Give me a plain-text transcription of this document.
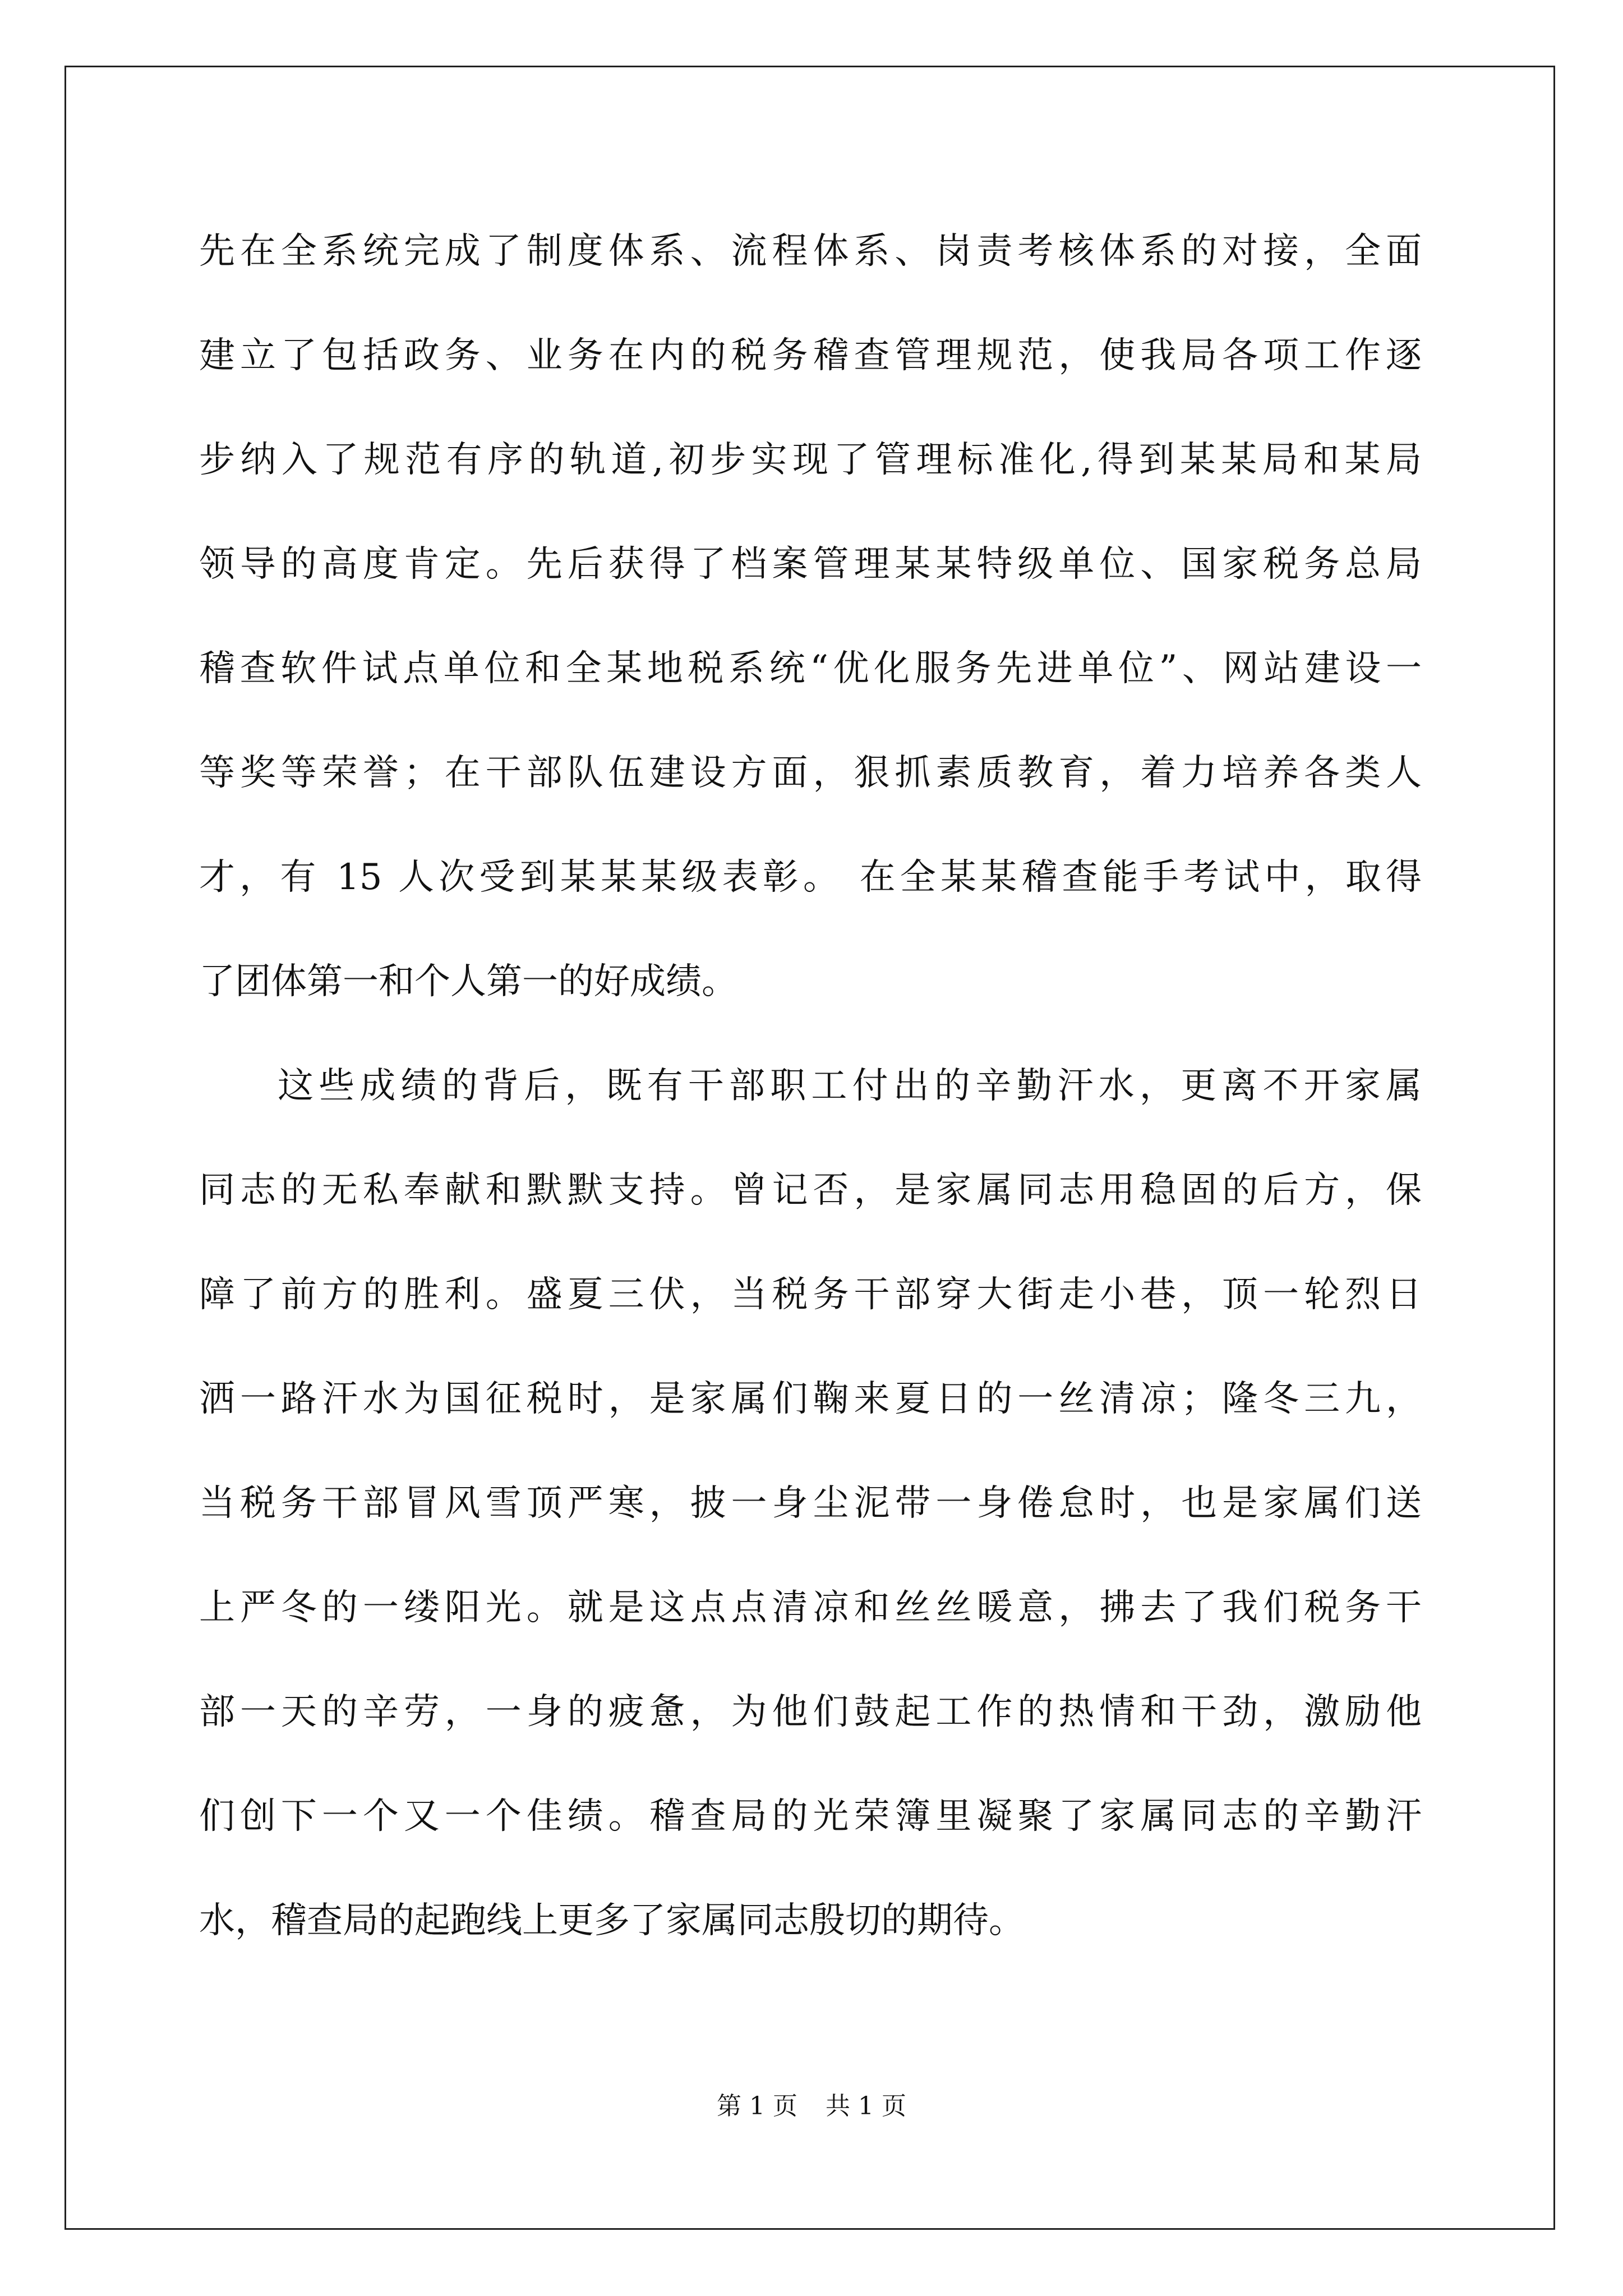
先在全系统完成了制度体系、流程体系、岗责考核体系的对接，全面
建立了包括政务、业务在内的税务稽查管理规范，使我局各项工作逐
步纳入了规范有序的轨道,初步实现了管理标准化,得到某某局和某局
领导的高度肯定。先后获得了档案管理某某特级单位、国家税务总局
稽查软件试点单位和全某地税系统“优化服务先进单位”、网站建设一
等奖等荣誉；在干部队伍建设方面，狠抓素质教育，着力培养各类人
才，有 15 人次受到某某某级表彰。 在全某某稽查能手考试中，取得
了团体第一和个人第一的好成绩。
这些成绩的背后，既有干部职工付出的辛勤汗水，更离不开家属
同志的无私奉献和默默支持。曾记否，是家属同志用稳固的后方，保
障了前方的胜利。盛夏三伏，当税务干部穿大街走小巷，顶一轮烈日
洒一路汗水为国征税时，是家属们鞠来夏日的一丝清凉；隆冬三九，
当税务干部冒风雪顶严寒，披一身尘泥带一身倦怠时，也是家属们送
上严冬的一缕阳光。就是这点点清凉和丝丝暖意，拂去了我们税务干
部一天的辛劳，一身的疲惫，为他们鼓起工作的热情和干劲，激励他
们创下一个又一个佳绩。稽查局的光荣簿里凝聚了家属同志的辛勤汗
水，稽查局的起跑线上更多了家属同志殷切的期待。
第 1 页 共 1 页
